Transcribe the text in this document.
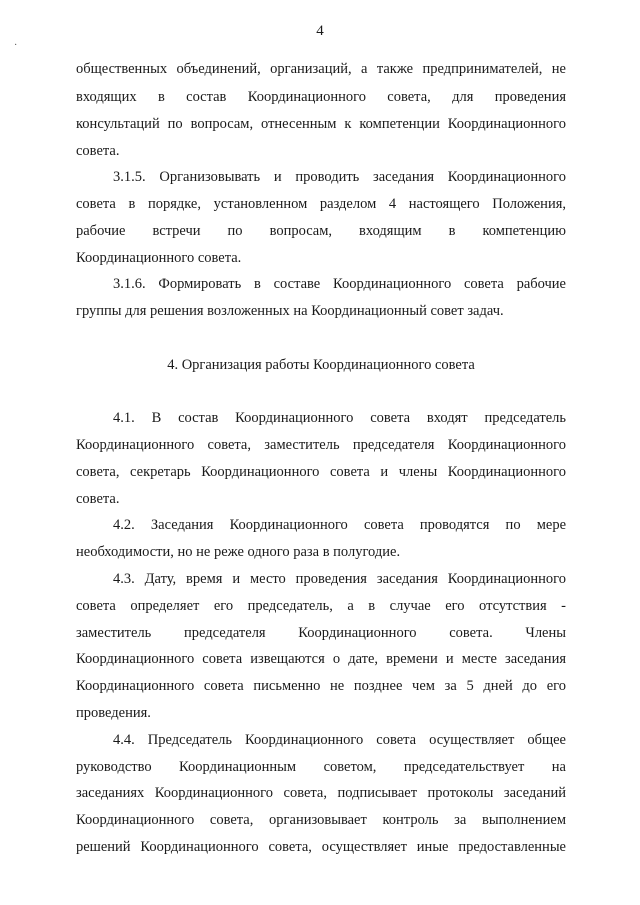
4
общественных объединений, организаций, а также предпринимателей, не
входящих в состав Координационного совета, для проведения
консультаций по вопросам, отнесенным к компетенции Координационного
совета.
3.1.5. Организовывать и проводить заседания Координационного
совета в порядке, установленном разделом 4 настоящего Положения,
рабочие встречи по вопросам, входящим в компетенцию
Координационного совета.
3.1.6. Формировать в составе Координационного совета рабочие
группы для решения возложенных на Координационный совет задач.
4. Организация работы Координационного совета
4.1. В состав Координационного совета входят председатель
Координационного совета, заместитель председателя Координационного
совета, секретарь Координационного совета и члены Координационного
совета.
4.2. Заседания Координационного совета проводятся по мере
необходимости, но не реже одного раза в полугодие.
4.3. Дату, время и место проведения заседания Координационного
совета определяет его председатель, а в случае его отсутствия -
заместитель председателя Координационного совета. Члены
Координационного совета извещаются о дате, времени и месте заседания
Координационного совета письменно не позднее чем за 5 дней до его
проведения.
4.4. Председатель Координационного совета осуществляет общее
руководство Координационным советом, председательствует на
заседаниях Координационного совета, подписывает протоколы заседаний
Координационного совета, организовывает контроль за выполнением
решений Координационного совета, осуществляет иные предоставленные
·
